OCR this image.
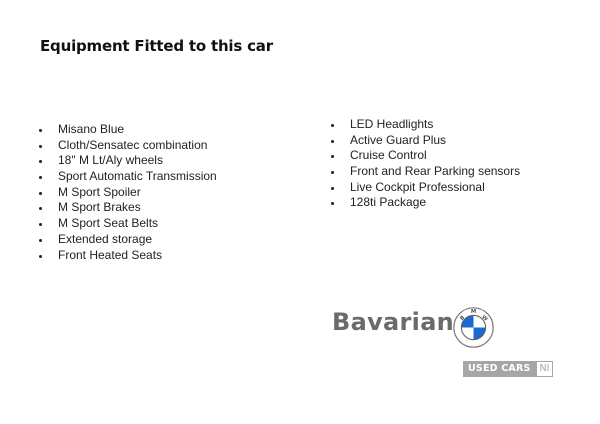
Equipment Fitted to this car
Misano Blue
Cloth/Sensatec combination
18" M Lt/Aly wheels
Sport Automatic Transmission
M Sport Spoiler
M Sport Brakes
M Sport Seat Belts
Extended storage
Front Heated Seats
LED Headlights
Active Guard Plus
Cruise Control
Front and Rear Parking sensors
Live Cockpit Professional
128ti Package
Bavarian B
M
W
USED CARS NI
